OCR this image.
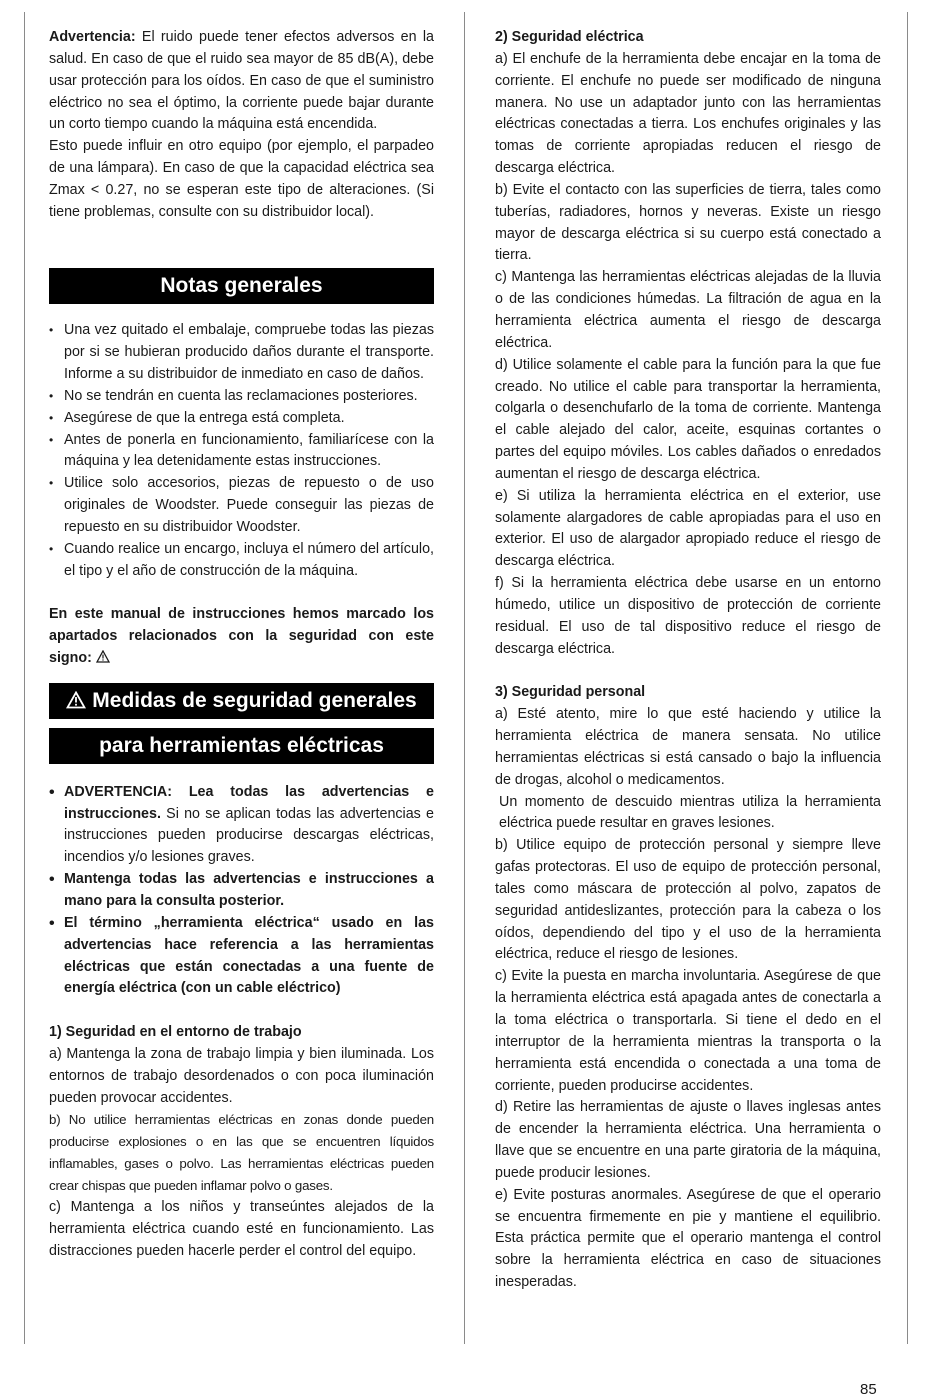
Advertencia: El ruido puede tener efectos adversos en la salud. En caso de que el ruido sea mayor de 85 dB(A), debe usar protección para los oídos. En caso de que el suministro eléctrico no sea el óptimo, la corriente puede bajar durante un corto tiempo cuando la máquina está encendida.

Esto puede influir en otro equipo (por ejemplo, el parpadeo de una lámpara). En caso de que la capacidad eléctrica sea Zmax < 0.27, no se esperan este tipo de alteraciones. (Si tiene problemas, consulte con su distribuidor local).

Notas generales
• Una vez quitado el embalaje, compruebe todas las piezas por si se hubieran producido daños durante el transporte. Informe a su distribuidor de inmediato en caso de daños.
• No se tendrán en cuenta las reclamaciones posteriores.
• Asegúrese de que la entrega está completa.
• Antes de ponerla en funcionamiento, familiarícese con la máquina y lea detenidamente estas instrucciones.
• Utilice solo accesorios, piezas de repuesto o de uso originales de Woodster. Puede conseguir las piezas de repuesto en su distribuidor Woodster.
• Cuando realice un encargo, incluya el número del artículo, el tipo y el año de construcción de la máquina.

En este manual de instrucciones hemos marcado los apartados relacionados con la seguridad con este signo:

Medidas de seguridad generales
para herramientas eléctricas
• ADVERTENCIA: Lea todas las advertencias e instrucciones. Si no se aplican todas las advertencias e instrucciones pueden producirse descargas eléctricas, incendios y/o lesiones graves.
• Mantenga todas las advertencias e instrucciones a mano para la consulta posterior.
• El término „herramienta eléctrica“ usado en las advertencias hace referencia a las herramientas eléctricas que están conectadas a una fuente de energía eléctrica (con un cable eléctrico)

1) Seguridad en el entorno de trabajo

a) Mantenga la zona de trabajo limpia y bien iluminada. Los entornos de trabajo desordenados o con poca iluminación pueden provocar accidentes.

b) No utilice herramientas eléctricas en zonas donde pueden producirse explosiones o en las que se encuentren líquidos inflamables, gases o polvo. Las herramientas eléctricas pueden crear chispas que pueden inflamar polvo o gases.

c) Mantenga a los niños y transeúntes alejados de la herramienta eléctrica cuando esté en funcionamiento. Las distracciones pueden hacerle perder el control del equipo.

2) Seguridad eléctrica

a) El enchufe de la herramienta debe encajar en la toma de corriente. El enchufe no puede ser modificado de ninguna manera. No use un adaptador junto con las herramientas eléctricas conectadas a tierra. Los enchufes originales y las tomas de corriente apropiadas reducen el riesgo de descarga eléctrica.

b) Evite el contacto con las superficies de tierra, tales como tuberías, radiadores, hornos y neveras. Existe un riesgo mayor de descarga eléctrica si su cuerpo está conectado a tierra.

c) Mantenga las herramientas eléctricas alejadas de la lluvia o de las condiciones húmedas. La filtración de agua en la herramienta eléctrica aumenta el riesgo de descarga eléctrica.

d) Utilice solamente el cable para la función para la que fue creado. No utilice el cable para transportar la herramienta, colgarla o desenchufarlo de la toma de corriente. Mantenga el cable alejado del calor, aceite, esquinas cortantes o partes del equipo móviles. Los cables dañados o enredados aumentan el riesgo de descarga eléctrica.

e) Si utiliza la herramienta eléctrica en el exterior, use solamente alargadores de cable apropiadas para el uso en exterior. El uso de alargador apropiado reduce el riesgo de descarga eléctrica.

f) Si la herramienta eléctrica debe usarse en un entorno húmedo, utilice un dispositivo de protección de corriente residual. El uso de tal dispositivo reduce el riesgo de descarga eléctrica.

3) Seguridad personal

a) Esté atento, mire lo que esté haciendo y utilice la herramienta eléctrica de manera sensata. No utilice herramientas eléctricas si está cansado o bajo la influencia de drogas, alcohol o medicamentos.

Un momento de descuido mientras utiliza la herramienta eléctrica puede resultar en graves lesiones.

b) Utilice equipo de protección personal y siempre lleve gafas protectoras. El uso de equipo de protección personal, tales como máscara de protección al polvo, zapatos de seguridad antideslizantes, protección para la cabeza o los oídos, dependiendo del tipo y el uso de la herramienta eléctrica, reduce el riesgo de lesiones.

c) Evite la puesta en marcha involuntaria. Asegúrese de que la herramienta eléctrica está apagada antes de conectarla a la toma eléctrica o transportarla. Si tiene el dedo en el interruptor de la herramienta mientras la transporta o la herramienta está encendida o conectada a una toma de corriente, pueden producirse accidentes.

d) Retire las herramientas de ajuste o llaves inglesas antes de encender la herramienta eléctrica. Una herramienta o llave que se encuentre en una parte giratoria de la máquina, puede producir lesiones.

e) Evite posturas anormales. Asegúrese de que el operario se encuentra firmemente en pie y mantiene el equilibrio. Esta práctica permite que el operario mantenga el control sobre la herramienta eléctrica en caso de situaciones inesperadas.

85
